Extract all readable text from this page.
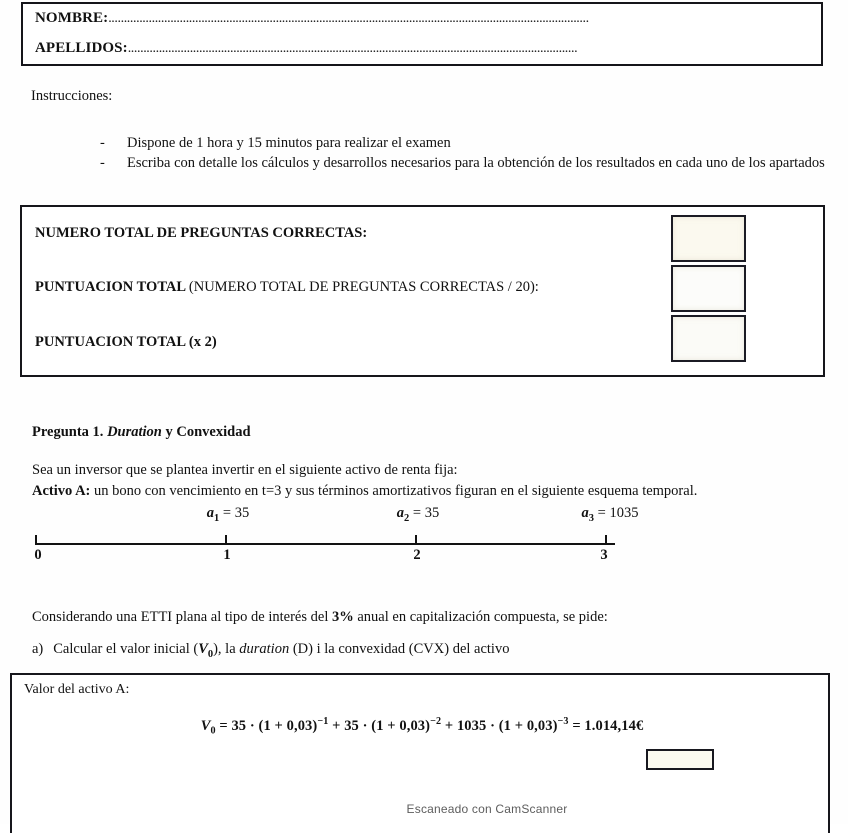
NOMBRE:...........................................................................................................................................................
APELLIDOS:.................................................................................................................................................
Instrucciones:
- Dispone de 1 hora y 15 minutos para realizar el examen
- Escriba con detalle los cálculos y desarrollos necesarios para la obtención de los resultados en cada uno de los apartados
NUMERO TOTAL DE PREGUNTAS CORRECTAS:
PUNTUACION TOTAL (NUMERO TOTAL DE PREGUNTAS CORRECTAS / 20):
PUNTUACION TOTAL (x 2)
Pregunta 1. Duration y Convexidad
Sea un inversor que se plantea invertir en el siguiente activo de renta fija:
Activo A: un bono con vencimiento en t=3 y sus términos amortizativos figuran en el siguiente esquema temporal.
0	1	2	3
$a_1 = 35$	$a_2 = 35$	$a_3 = 1035$
Considerando una ETTI plana al tipo de interés del 3% anual en capitalización compuesta, se pide:
a) Calcular el valor inicial $(V_0)$, la duration (D) i la convexidad (CVX) del activo
Valor del activo A:
$V_0 = 35 \cdot (1 + 0,03)^{-1} + 35 \cdot (1 + 0,03)^{-2} + 1035 \cdot (1 + 0,03)^{-3}$ = 1.014,14€
Escaneado con CamScanner
